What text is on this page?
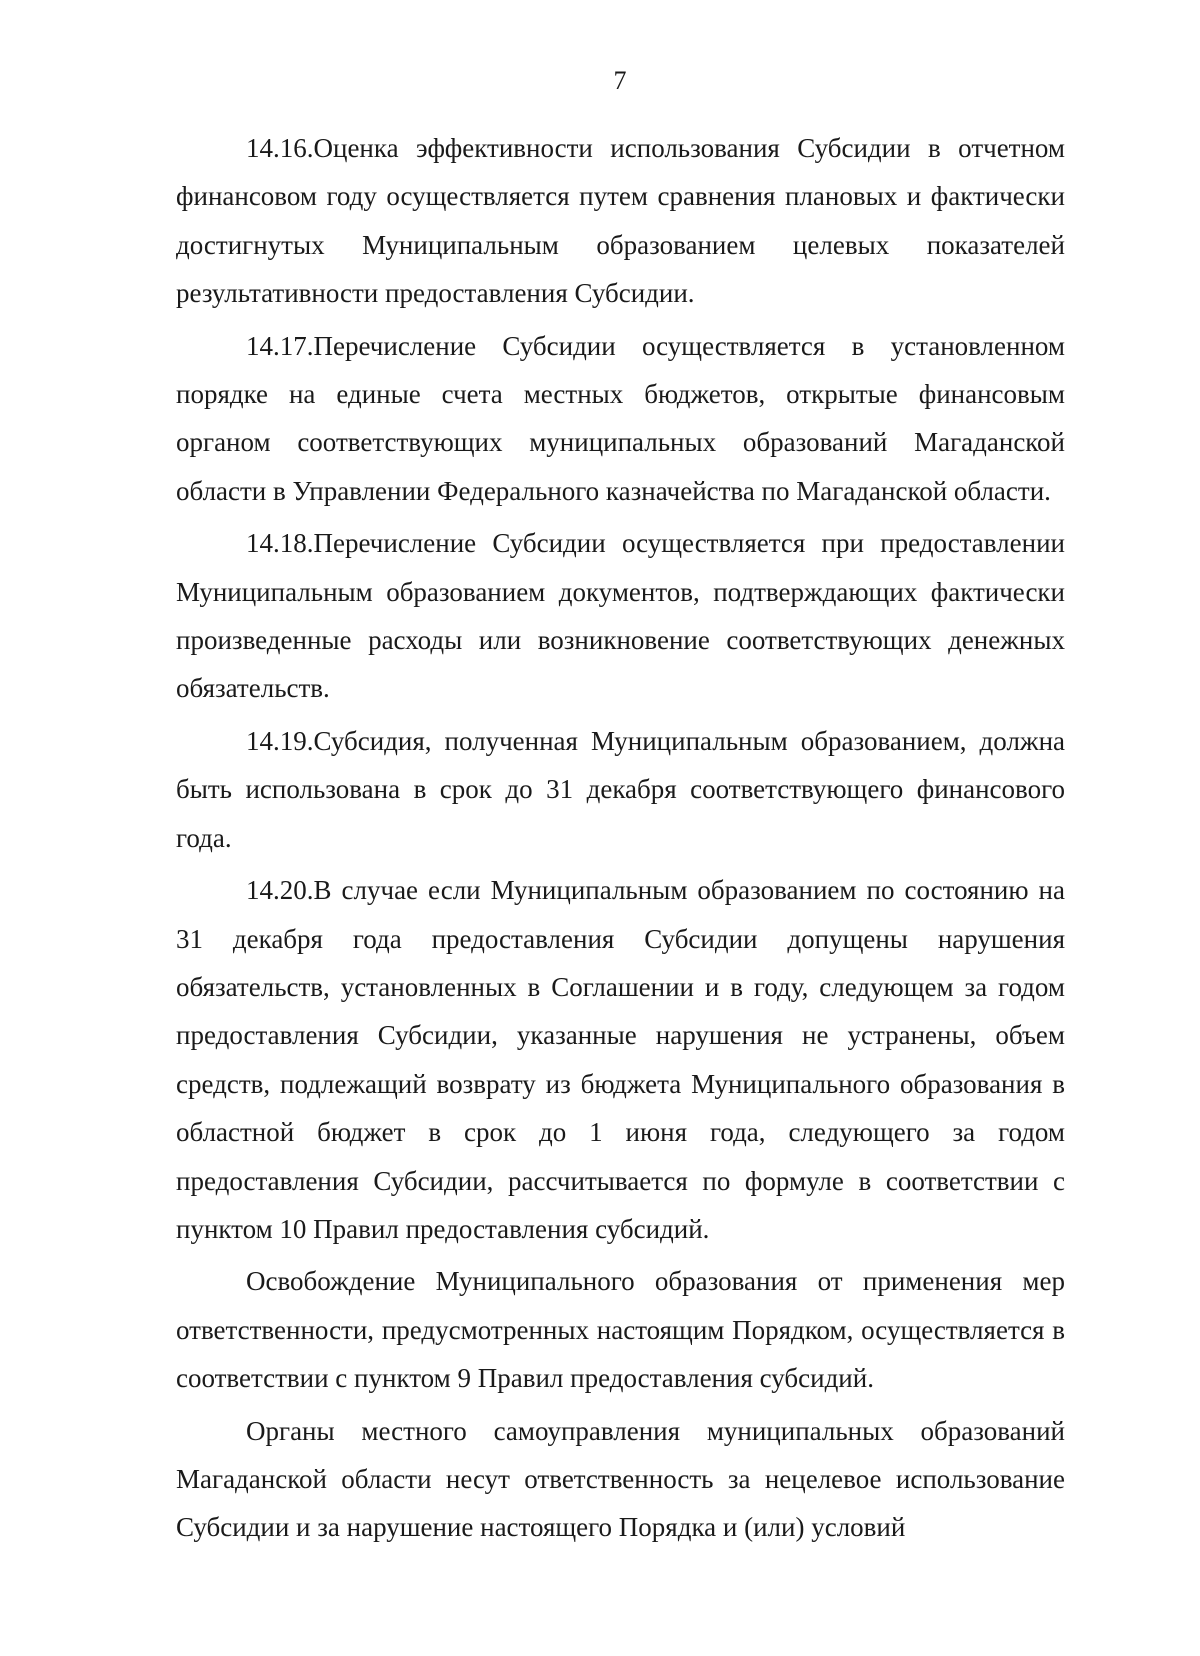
7

14.16.Оценка эффективности использования Субсидии в отчетном финансовом году осуществляется путем сравнения плановых и фактически достигнутых Муниципальным образованием целевых показателей результативности предоставления Субсидии.

14.17.Перечисление Субсидии осуществляется в установленном порядке на единые счета местных бюджетов, открытые финансовым органом соответствующих муниципальных образований Магаданской области в Управлении Федерального казначейства по Магаданской области.

14.18.Перечисление Субсидии осуществляется при предоставлении Муниципальным образованием документов, подтверждающих фактически произведенные расходы или возникновение соответствующих денежных обязательств.

14.19.Субсидия, полученная Муниципальным образованием, должна быть использована в срок до 31 декабря соответствующего финансового года.

14.20.В случае если Муниципальным образованием по состоянию на 31 декабря года предоставления Субсидии допущены нарушения обязательств, установленных в Соглашении и в году, следующем за годом предоставления Субсидии, указанные нарушения не устранены, объем средств, подлежащий возврату из бюджета Муниципального образования в областной бюджет в срок до 1 июня года, следующего за годом предоставления Субсидии, рассчитывается по формуле в соответствии с пунктом 10 Правил предоставления субсидий.

Освобождение Муниципального образования от применения мер ответственности, предусмотренных настоящим Порядком, осуществляется в соответствии с пунктом 9 Правил предоставления субсидий.

Органы местного самоуправления муниципальных образований Магаданской области несут ответственность за нецелевое использование Субсидии и за нарушение настоящего Порядка и (или) условий
